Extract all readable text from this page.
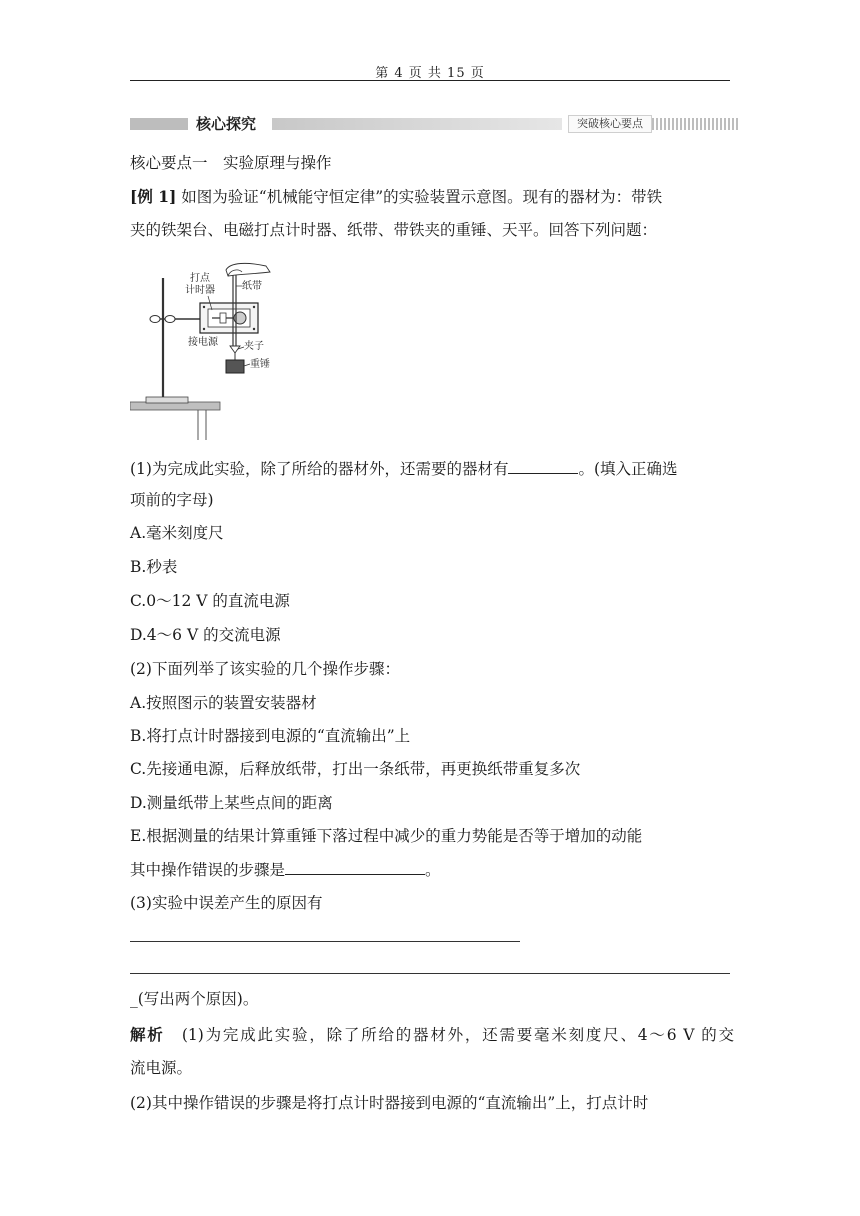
第 4 页 共 15 页
核心探究	突破核心要点
核心要点一　实验原理与操作
[例 1] 如图为验证“机械能守恒定律”的实验装置示意图。现有的器材为：带铁
夹的铁架台、电磁打点计时器、纸带、带铁夹的重锤、天平。回答下列问题：
打点
计时器	纸带
接电源	夹子
重锤
(1)为完成此实验，除了所给的器材外，还需要的器材有	。(填入正确选
项前的字母)
A.毫米刻度尺
B.秒表
C.0～12 V 的直流电源
D.4～6 V 的交流电源
(2)下面列举了该实验的几个操作步骤：
A.按照图示的装置安装器材
B.将打点计时器接到电源的“直流输出”上
C.先接通电源，后释放纸带，打出一条纸带，再更换纸带重复多次
D.测量纸带上某些点间的距离
E.根据测量的结果计算重锤下落过程中减少的重力势能是否等于增加的动能
其中操作错误的步骤是	。
(3)实验中误差产生的原因有
_(写出两个原因)。
解析　 (1)为完成此实验，除了所给的器材外，还需要毫米刻度尺、4～6 V 的交
流电源。
(2)其中操作错误的步骤是将打点计时器接到电源的“直流输出”上，打点计时
